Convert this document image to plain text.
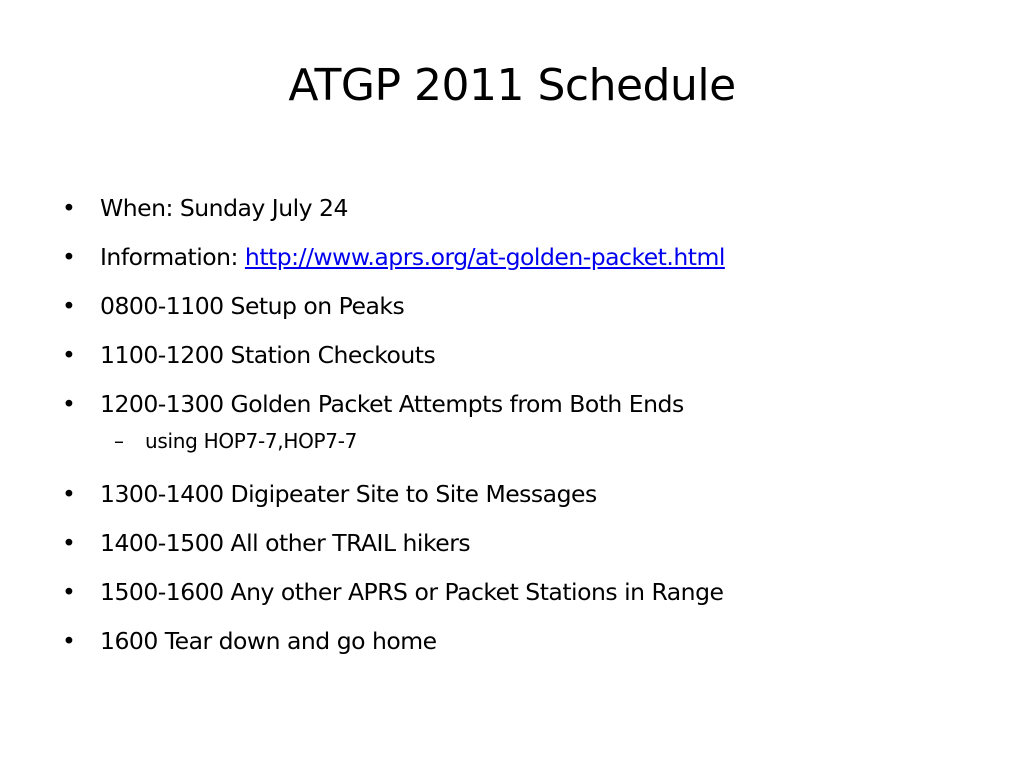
ATGP 2011 Schedule
• When: Sunday July 24
• Information: http://www.aprs.org/at-golden-packet.html
• 0800-1100 Setup on Peaks
• 1100-1200 Station Checkouts
• 1200-1300 Golden Packet Attempts from Both Ends
– using HOP7-7,HOP7-7
• 1300-1400 Digipeater Site to Site Messages
• 1400-1500 All other TRAIL hikers
• 1500-1600 Any other APRS or Packet Stations in Range
• 1600 Tear down and go home
